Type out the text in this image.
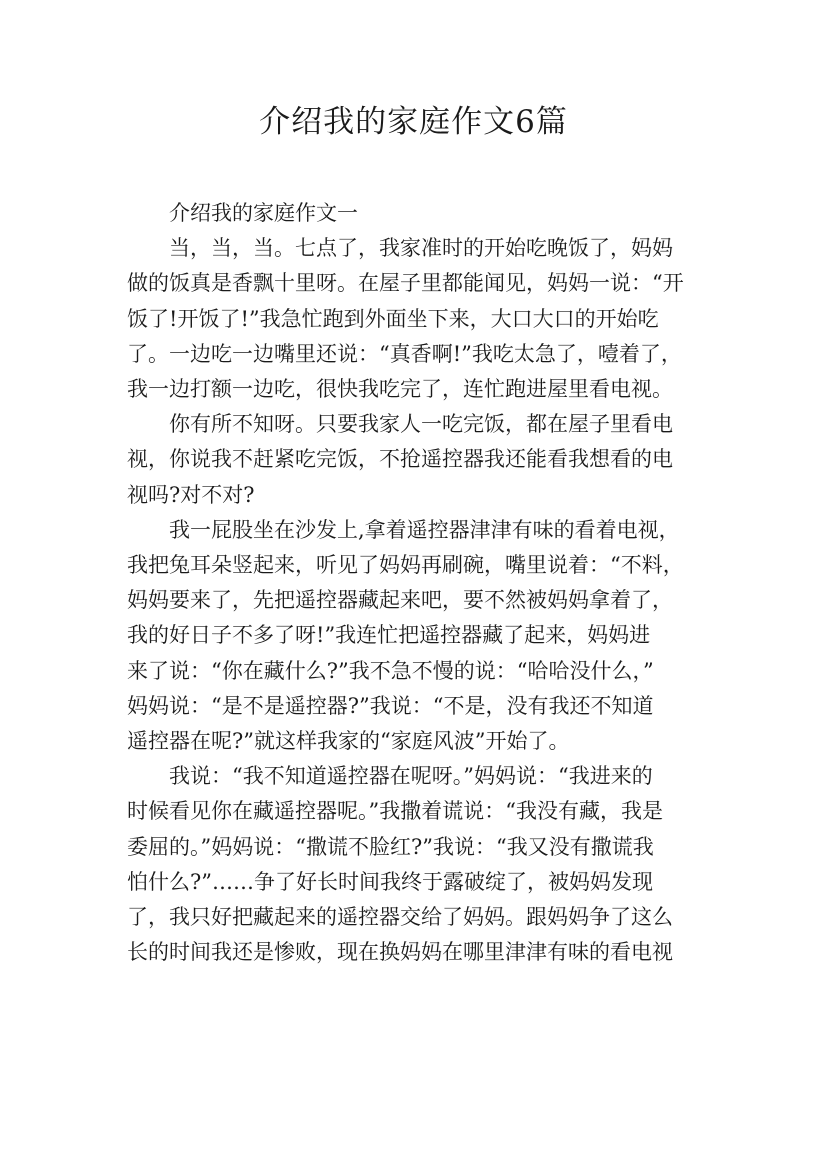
介绍我的家庭作文6篇

介绍我的家庭作文一

当，当，当。七点了，我家准时的开始吃晚饭了，妈妈

做的饭真是香飘十里呀。在屋子里都能闻见，妈妈一说：“开

饭了!开饭了!”我急忙跑到外面坐下来，大口大口的开始吃

了。一边吃一边嘴里还说：“真香啊!”我吃太急了，噎着了，

我一边打额一边吃，很快我吃完了，连忙跑进屋里看电视。

你有所不知呀。只要我家人一吃完饭，都在屋子里看电

视，你说我不赶紧吃完饭，不抢遥控器我还能看我想看的电

视吗?对不对?

我一屁股坐在沙发上,拿着遥控器津津有味的看着电视，

我把兔耳朵竖起来，听见了妈妈再刷碗，嘴里说着：“不料，

妈妈要来了，先把遥控器藏起来吧，要不然被妈妈拿着了，

我的好日子不多了呀!”我连忙把遥控器藏了起来，妈妈进

来了说：“你在藏什么?”我不急不慢的说：“哈哈没什么，”

妈妈说：“是不是遥控器?”我说：“不是，没有我还不知道

遥控器在呢?”就这样我家的“家庭风波”开始了。

我说：“我不知道遥控器在呢呀。”妈妈说：“我进来的

时候看见你在藏遥控器呢。”我撒着谎说：“我没有藏，我是

委屈的。”妈妈说：“撒谎不脸红?”我说：“我又没有撒谎我

怕什么?”……争了好长时间我终于露破绽了，被妈妈发现

了，我只好把藏起来的遥控器交给了妈妈。跟妈妈争了这么

长的时间我还是惨败，现在换妈妈在哪里津津有味的看电视
